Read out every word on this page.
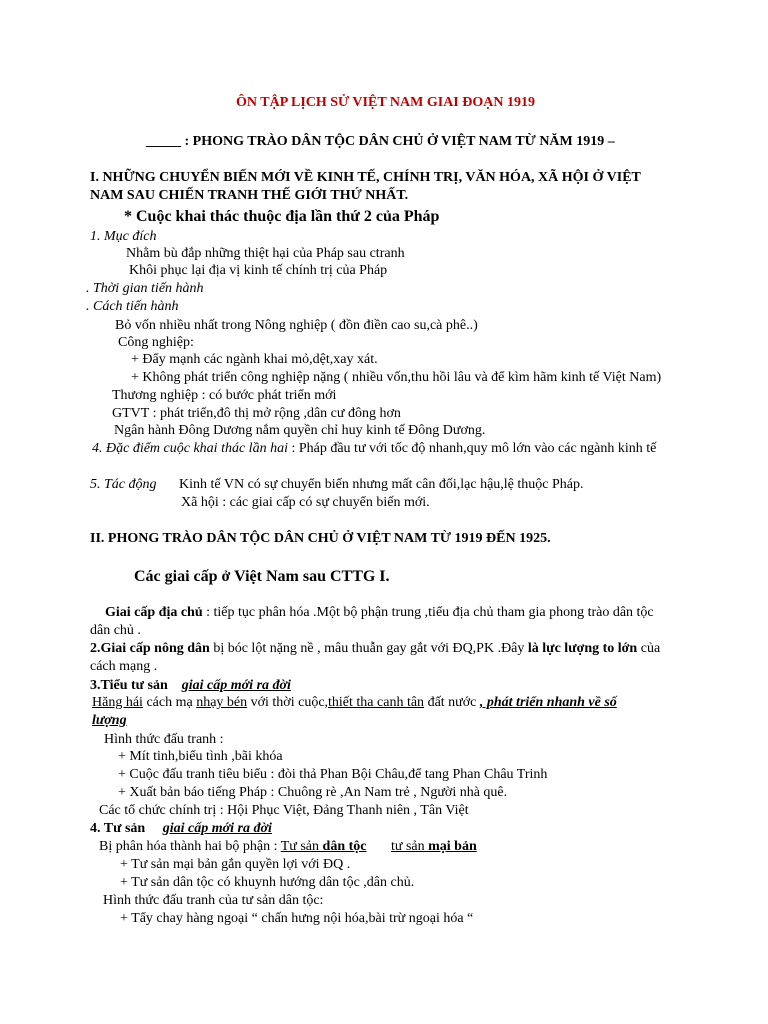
ÔN TẬP LỊCH SỬ VIỆT NAM GIAI ĐOẠN 1919
_____ : PHONG TRÀO DÂN TỘC DÂN CHỦ Ở VIỆT NAM TỪ NĂM 1919 –
I. NHỮNG CHUYỂN BIẾN MỚI VỀ KINH TẾ, CHÍNH TRỊ, VĂN HÓA, XÃ HỘI Ở VIỆT
NAM SAU CHIẾN TRANH THẾ GIỚI THỨ NHẤT.
* Cuộc khai thác thuộc địa lần thứ 2 của Pháp
1. Mục đích
Nhằm bù đắp những thiệt hại của Pháp sau ctranh
Khôi phục lại địa vị kinh tế chính trị của Pháp
. Thời gian tiến hành
. Cách tiến hành
Bỏ vốn nhiều nhất trong Nông nghiệp ( đồn điền cao su,cà phê..)
Công nghiệp:
+ Đẩy mạnh các ngành khai mỏ,dệt,xay xát.
+ Không phát triển công nghiệp nặng ( nhiều vốn,thu hồi lâu và để kìm hãm kinh tế Việt Nam)
Thương nghiệp : có bước phát triển mới
GTVT : phát triển,đô thị mở rộng ,dân cư đông hơn
Ngân hành Đông Dương nắm quyền chỉ huy kinh tế Đông Dương.
4. Đặc điểm cuộc khai thác lần hai : Pháp đầu tư với tốc độ nhanh,quy mô lớn vào các ngành kinh tế
5. Tác động Kinh tế VN có sự chuyển biến nhưng mất cân đối,lạc hậu,lệ thuộc Pháp.
Xã hội : các giai cấp có sự chuyển biến mới.
II. PHONG TRÀO DÂN TỘC DÂN CHỦ Ở VIỆT NAM TỪ 1919 ĐẾN 1925.
Các giai cấp ở Việt Nam sau CTTG I.
Giai cấp địa chủ : tiếp tục phân hóa .Một bộ phận trung ,tiểu địa chủ tham gia phong trào dân tộc
dân chủ .
2.Giai cấp nông dân bị bóc lột nặng nề , mâu thuẫn gay gắt với ĐQ,PK .Đây là lực lượng to lớn của
cách mạng .
3.Tiểu tư sản giai cấp mới ra đời
Hăng hái cách mạ nhạy bén với thời cuộc,thiết tha canh tân đất nước , phát triển nhanh về số
lượng
Hình thức đấu tranh :
+ Mít tinh,biểu tình ,bãi khóa
+ Cuộc đấu tranh tiêu biểu : đòi thả Phan Bội Châu,để tang Phan Châu Trinh
+ Xuất bản báo tiếng Pháp : Chuông rè ,An Nam trẻ , Người nhà quê.
Các tổ chức chính trị : Hội Phục Việt, Đảng Thanh niên , Tân Việt
4. Tư sản giai cấp mới ra đời
Bị phân hóa thành hai bộ phận : Tư sản dân tộc tư sản mại bản
+ Tư sản mại bản gắn quyền lợi với ĐQ .
+ Tư sản dân tộc có khuynh hướng dân tộc ,dân chủ.
Hình thức đấu tranh của tư sản dân tộc:
+ Tẩy chay hàng ngoại “ chấn hưng nội hóa,bài trừ ngoại hóa “
